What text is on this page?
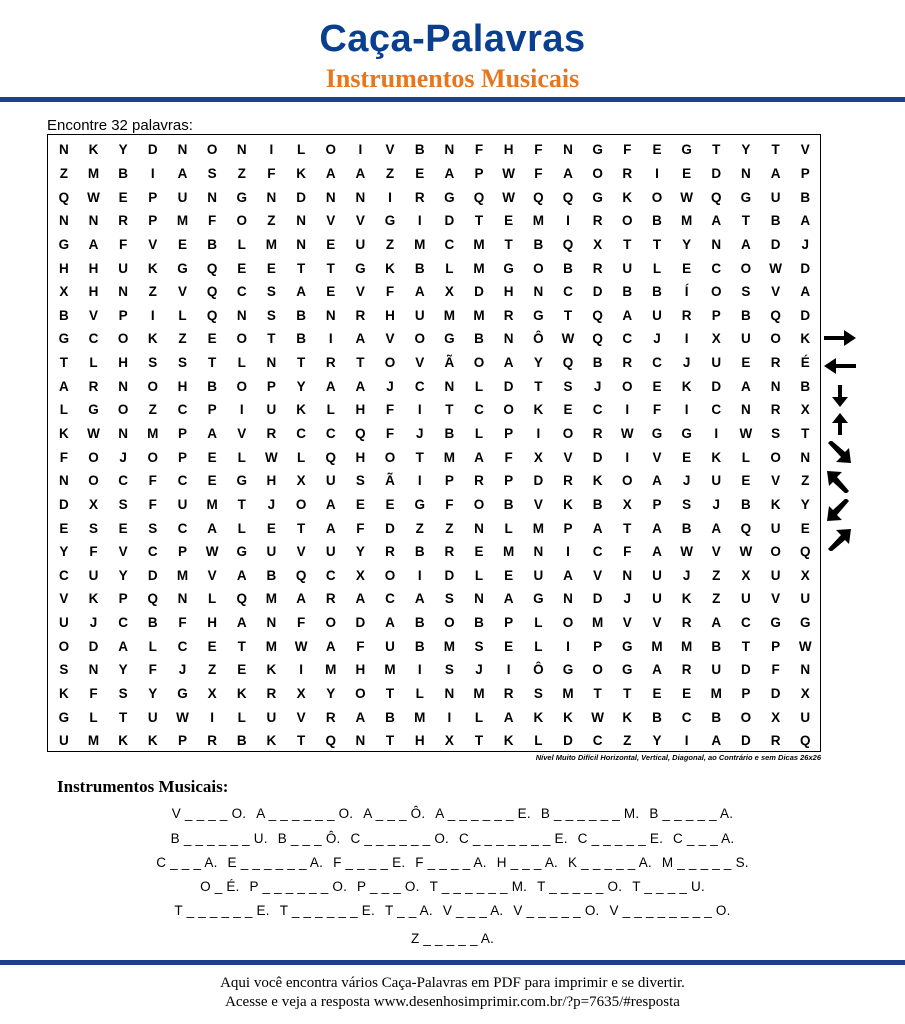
Caça-Palavras
Instrumentos Musicais
Encontre 32 palavras:
N	K	Y	D	N	O	N	I	L	O	I	V	B	N	F	H	F	N	G	F	E	G	T	Y	T	V
Z	M	B	I	A	S	Z	F	K	A	A	Z	E	A	P	W	F	A	O	R	I	E	D	N	A	P
Q	W	E	P	U	N	G	N	D	N	N	I	R	G	Q	W	Q	Q	G	K	O	W	Q	G	U	B
N	N	R	P	M	F	O	Z	N	V	V	G	I	D	T	E	M	I	R	O	B	M	A	T	B	A
G	A	F	V	E	B	L	M	N	E	U	Z	M	C	M	T	B	Q	X	T	T	Y	N	A	D	J
H	H	U	K	G	Q	E	E	T	T	G	K	B	L	M	G	O	B	R	U	L	E	C	O	W	D
X	H	N	Z	V	Q	C	S	A	E	V	F	A	X	D	H	N	C	D	B	B	Í	O	S	V	A
B	V	P	I	L	Q	N	S	B	N	R	H	U	M	M	R	G	T	Q	A	U	R	P	B	Q	D
G	C	O	K	Z	E	O	T	B	I	A	V	O	G	B	N	Ô	W	Q	C	J	I	X	U	O	K
T	L	H	S	S	T	L	N	T	R	T	O	V	Ã	O	A	Y	Q	B	R	C	J	U	E	R	É
A	R	N	O	H	B	O	P	Y	A	A	J	C	N	L	D	T	S	J	O	E	K	D	A	N	B
L	G	O	Z	C	P	I	U	K	L	H	F	I	T	C	O	K	E	C	I	F	I	C	N	R	X
K	W	N	M	P	A	V	R	C	C	Q	F	J	B	L	P	I	O	R	W	G	G	I	W	S	T
F	O	J	O	P	E	L	W	L	Q	H	O	T	M	A	F	X	V	D	I	V	E	K	L	O	N
N	O	C	F	C	E	G	H	X	U	S	Ã	I	P	R	P	D	R	K	O	A	J	U	E	V	Z
D	X	S	F	U	M	T	J	O	A	E	E	G	F	O	B	V	K	B	X	P	S	J	B	K	Y
E	S	E	S	C	A	L	E	T	A	F	D	Z	Z	N	L	M	P	A	T	A	B	A	Q	U	E
Y	F	V	C	P	W	G	U	V	U	Y	R	B	R	E	M	N	I	C	F	A	W	V	W	O	Q
C	U	Y	D	M	V	A	B	Q	C	X	O	I	D	L	E	U	A	V	N	U	J	Z	X	U	X
V	K	P	Q	N	L	Q	M	A	R	A	C	A	S	N	A	G	N	D	J	U	K	Z	U	V	U
U	J	C	B	F	H	A	N	F	O	D	A	B	O	B	P	L	O	M	V	V	R	A	C	G	G
O	D	A	L	C	E	T	M	W	A	F	U	B	M	S	E	L	I	P	G	M	M	B	T	P	W
S	N	Y	F	J	Z	E	K	I	M	H	M	I	S	J	I	Ô	G	O	G	A	R	U	D	F	N
K	F	S	Y	G	X	K	R	X	Y	O	T	L	N	M	R	S	M	T	T	E	E	M	P	D	X
G	L	T	U	W	I	L	U	V	R	A	B	M	I	L	A	K	K	W	K	B	C	B	O	X	U
U	M	K	K	P	R	B	K	T	Q	N	T	H	X	T	K	L	D	C	Z	Y	I	A	D	R	Q
Nível Muito Difícil Horizontal, Vertical, Diagonal, ao Contrário e sem Dicas 26x26
Instrumentos Musicais:
V _ _ _ _ O. A _ _ _ _ _ _ O. A _ _ _ Ô. A _ _ _ _ _ _ E. B _ _ _ _ _ _ M. B _ _ _ _ _ A.
B _ _ _ _ _ _ U. B _ _ _ Ô. C _ _ _ _ _ _ O. C _ _ _ _ _ _ _ E. C _ _ _ _ _ E. C _ _ _ A.
C _ _ _ A. E _ _ _ _ _ _ A. F _ _ _ _ E. F _ _ _ _ A. H _ _ _ A. K _ _ _ _ _ A. M _ _ _ _ _ S.
O _ É. P _ _ _ _ _ _ O. P _ _ _ O. T _ _ _ _ _ _ M. T _ _ _ _ _ O. T _ _ _ _ U.
T _ _ _ _ _ _ E. T _ _ _ _ _ _ E. T _ _ A. V _ _ _ A. V _ _ _ _ _ O. V _ _ _ _ _ _ _ _ O.
Z _ _ _ _ _ A.
Aqui você encontra vários Caça-Palavras em PDF para imprimir e se divertir.
Acesse e veja a resposta www.desenhosimprimir.com.br/?p=7635/#resposta
